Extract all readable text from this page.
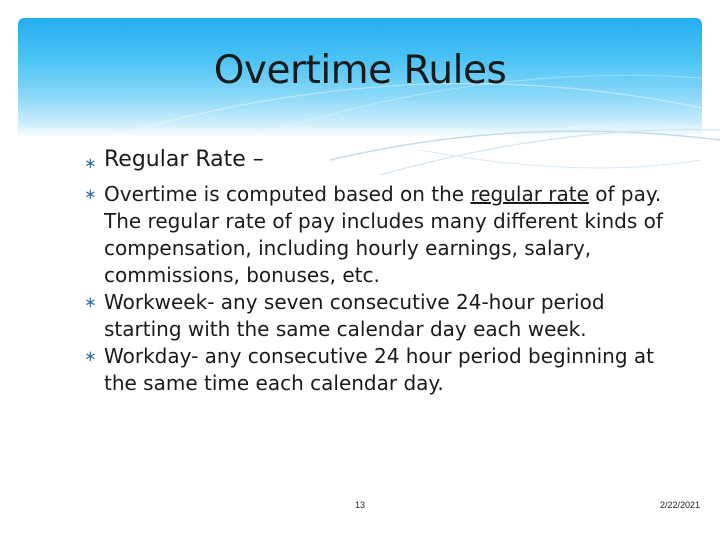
Overtime Rules
∗ Regular Rate –
∗ Overtime is computed based on the regular rate of pay. The regular rate of pay includes many different kinds of compensation, including hourly earnings, salary, commissions, bonuses, etc.
∗ Workweek- any seven consecutive 24-hour period starting with the same calendar day each week.
∗ Workday- any consecutive 24 hour period beginning at the same time each calendar day.
13	2/22/2021
